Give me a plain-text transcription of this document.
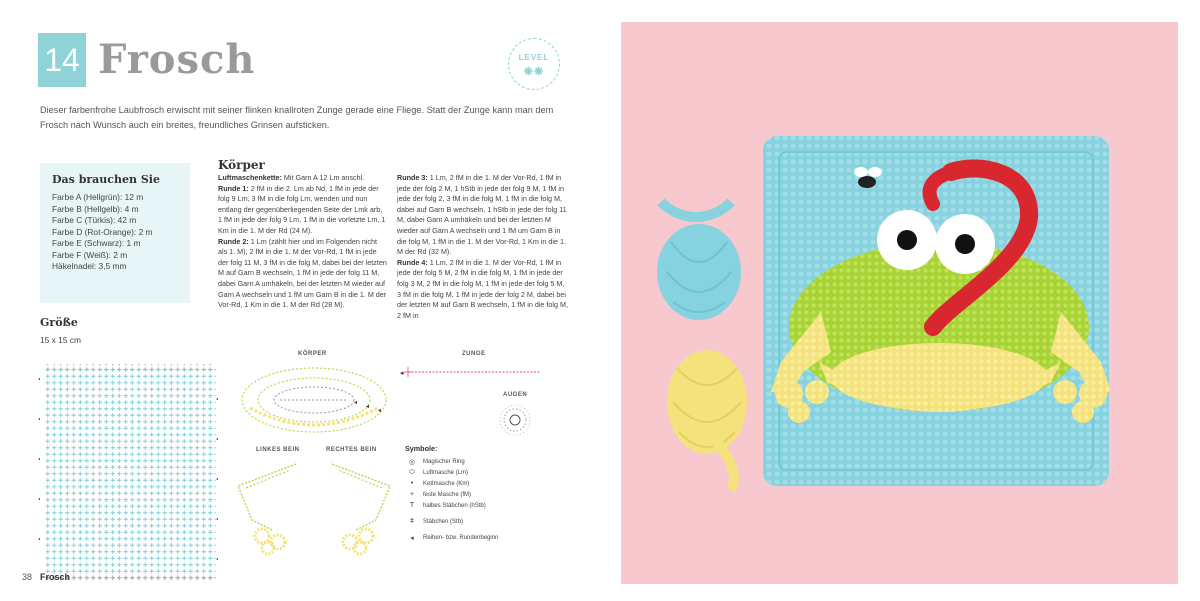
14 Frosch	LEVEL
❋❋
Dieser farbenfrohe Laubfrosch erwischt mit seiner flinken knallroten Zunge gerade eine Fliege. Statt der Zunge kann man dem Frosch nach Wunsch auch ein breites, freundliches Grinsen aufsticken.
Das brauchen Sie
Farbe A (Hellgrün): 12 m
Farbe B (Hellgelb): 4 m
Farbe C (Türkis): 42 m
Farbe D (Rot-Orange): 2 m
Farbe E (Schwarz): 1 m
Farbe F (Weiß): 2 m
Häkelnadel: 3,5 mm
Größe
15 x 15 cm
Körper

Luftmaschenkette: Mit Garn A 12 Lm anschl.

Runde 1: 2 fM in die 2. Lm ab Nd, 1 fM in jede der folg 9 Lm, 3 fM in die folg Lm, wenden und nun entlang der gegenüberliegenden Seite der Lmk arb, 1 fM in jede der folg 9 Lm, 1 fM in die vorletzte Lm, 1 Km in die 1. M der Rd (24 M).

Runde 2: 1 Lm (zählt hier und im Folgenden nicht als 1. M), 2 fM in die 1. M der Vor-Rd, 1 fM in jede der folg 11 M, 3 fM in die folg M, dabei bei der letzten M auf Garn B wechseln, 1 fM in jede der folg 11 M, dabei Garn A umhäkeln, bei der letzten M wieder auf Garn A wechseln und 1 fM um Garn B in die 1. M der Vor-Rd, 1 Km in die 1. M der Rd (28 M).

Runde 3: 1 Lm, 2 fM in die 1. M der Vor-Rd, 1 fM in jede der folg 2 M, 1 hStb in jede der folg 9 M, 1 fM in jede der folg 2, 3 fM in die folg M, 1 fM in die folg M, dabei auf Garn B wechseln, 1 hStb in jede der folg 11 M, dabei Garn A umhäkeln und bei der letzten M wieder auf Garn A wechseln und 1 fM um Garn B in die folg M, 1 fM in die 1. M der Vor-Rd, 1 Km in die 1. M der Rd (32 M).

Runde 4: 1 Lm, 2 fM in die 1. M der Vor-Rd, 1 fM in jede der folg 5 M, 2 fM in die folg M, 1 fM in jede der folg 3 M, 2 fM in die folg M, 1 fM in jede der folg 5 M, 3 fM in die folg M, 1 fM in jede der folg 2 M, dabei bei der letzten M auf Garn B wechseln, 1 fM in die folg M, 2 fM in

◂
◂
◂
◂
◂
◂
◂
◂
◂
◂
KÖRPER
◂
◂
◂
ZUNGE
◂
AUGEN
LINKES BEIN	RECHTES BEIN	Symbole:
◎	Magischer Ring
⬭	Luftmasche (Lm)
•	Kettmasche (Km)
+	feste Masche (fM)
T	halbes Stäbchen (hStb)
ǂ	Stäbchen (Stb)
◂	Reihen- bzw. Rundenbeginn
38 Frosch
